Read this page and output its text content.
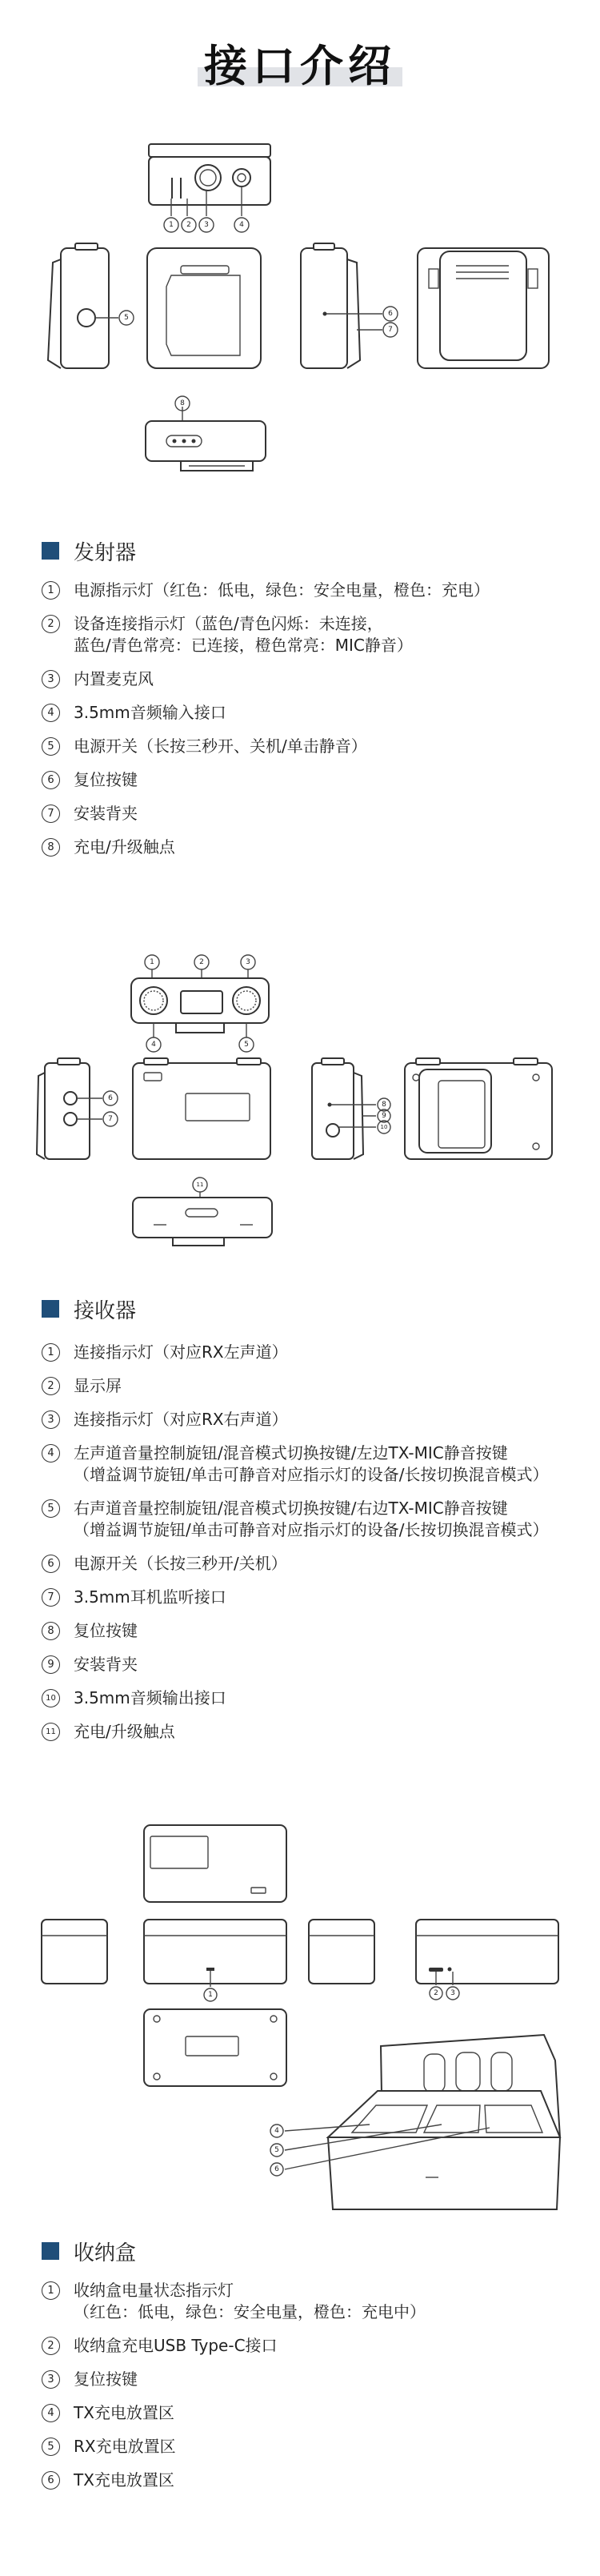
接口介绍
1 2 3	4
5	6
7
8
发射器
1	电源指示灯（红色：低电，绿色：安全电量，橙色：充电）
2	设备连接指示灯（蓝色/青色闪烁：未连接，
蓝色/青色常亮：已连接，橙色常亮：MIC静音）
3	内置麦克风
4	3.5mm音频输入接口
5	电源开关（长按三秒开、关机/单击静音）
6	复位按键
7	安装背夹
8	充电/升级触点
1	2	3
4	5
6
7
8
9
10
11
接收器
1	连接指示灯（对应RX左声道）
2	显示屏
3	连接指示灯（对应RX右声道）
4	左声道音量控制旋钮/混音模式切换按键/左边TX-MIC静音按键
（增益调节旋钮/单击可静音对应指示灯的设备/长按切换混音模式）
5	右声道音量控制旋钮/混音模式切换按键/右边TX-MIC静音按键
（增益调节旋钮/单击可静音对应指示灯的设备/长按切换混音模式）
6	电源开关（长按三秒开/关机）
7	3.5mm耳机监听接口
8	复位按键
9	安装背夹
10 3.5mm音频输出接口
11 充电/升级触点
1	2 3
4
5
6
收纳盒
1	收纳盒电量状态指示灯
（红色：低电，绿色：安全电量，橙色：充电中）
2	收纳盒充电USB Type-C接口
3	复位按键
4	TX充电放置区
5	RX充电放置区
6	TX充电放置区
